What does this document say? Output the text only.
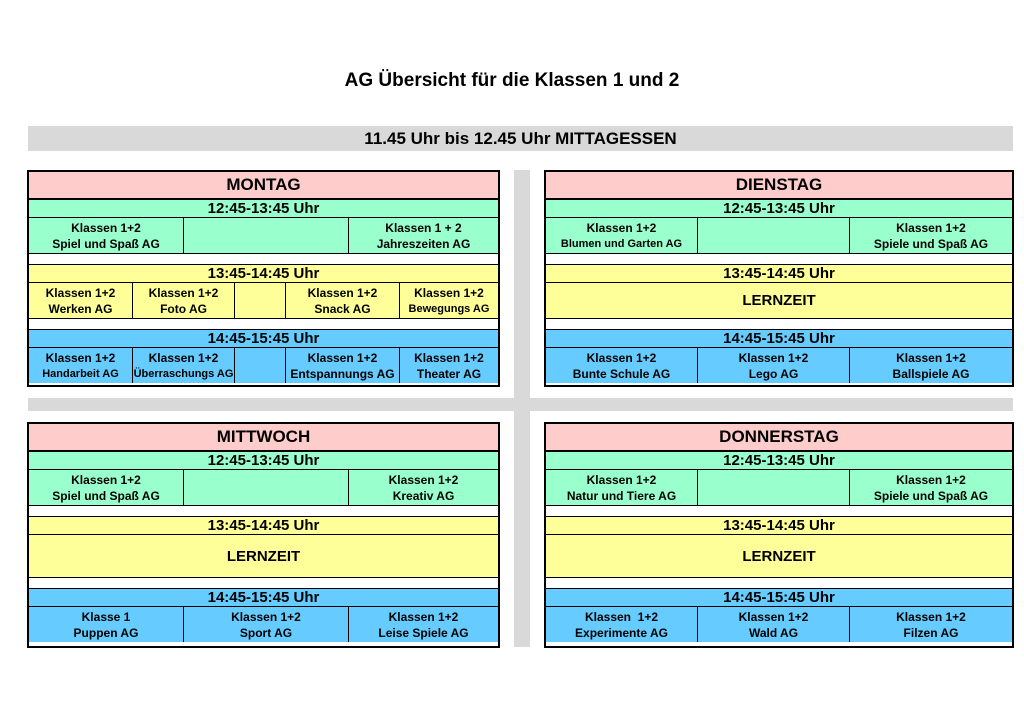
AG Übersicht für die Klassen 1 und 2
11.45 Uhr bis 12.45 Uhr MITTAGESSEN
MONTAG
12:45-13:45 Uhr
Klassen 1+2
Spiel und Spaß AG
Klassen 1 + 2
Jahreszeiten AG
13:45-14:45 Uhr
Klassen 1+2
Werken AG
Klassen 1+2
Foto AG
Klassen 1+2
Snack AG
Klassen 1+2
Bewegungs AG
14:45-15:45 Uhr
Klassen 1+2
Handarbeit AG
Klassen 1+2
Überraschungs AG
Klassen 1+2
Entspannungs AG
Klassen 1+2
Theater AG
DIENSTAG
12:45-13:45 Uhr
Klassen 1+2
Blumen und Garten AG
Klassen 1+2
Spiele und Spaß AG
13:45-14:45 Uhr
LERNZEIT
14:45-15:45 Uhr
Klassen 1+2
Bunte Schule AG
Klassen 1+2
Lego AG
Klassen 1+2
Ballspiele AG
MITTWOCH
12:45-13:45 Uhr
Klassen 1+2
Spiel und Spaß AG
Klassen 1+2
Kreativ AG
13:45-14:45 Uhr
LERNZEIT
14:45-15:45 Uhr
Klasse 1
Puppen AG
Klassen 1+2
Sport AG
Klassen 1+2
Leise Spiele AG
DONNERSTAG
12:45-13:45 Uhr
Klassen 1+2
Natur und Tiere AG
Klassen 1+2
Spiele und Spaß AG
13:45-14:45 Uhr
LERNZEIT
14:45-15:45 Uhr
Klassen  1+2
Experimente AG
Klassen 1+2
Wald AG
Klassen 1+2
Filzen AG
